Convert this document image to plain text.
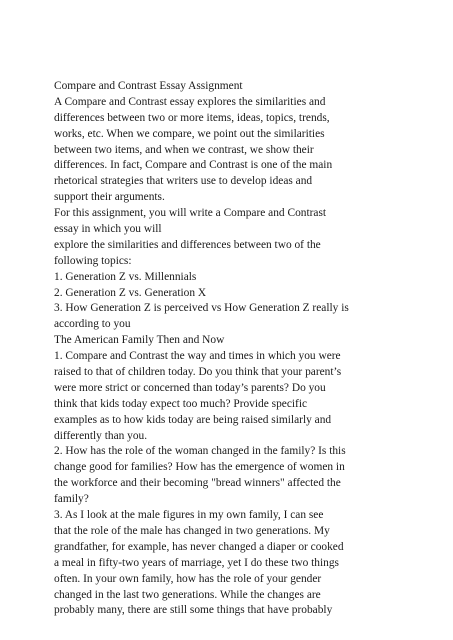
Compare and Contrast Essay Assignment
A Compare and Contrast essay explores the similarities and
differences between two or more items, ideas, topics, trends,
works, etc. When we compare, we point out the similarities
between two items, and when we contrast, we show their
differences. In fact, Compare and Contrast is one of the main
rhetorical strategies that writers use to develop ideas and
support their arguments.
For this assignment, you will write a Compare and Contrast
essay in which you will
explore the similarities and differences between two of the
following topics:
1. Generation Z vs. Millennials
2. Generation Z vs. Generation X
3. How Generation Z is perceived vs How Generation Z really is
according to you
The American Family Then and Now
1. Compare and Contrast the way and times in which you were
raised to that of children today. Do you think that your parent’s
were more strict or concerned than today’s parents? Do you
think that kids today expect too much? Provide specific
examples as to how kids today are being raised similarly and
differently than you.
2. How has the role of the woman changed in the family? Is this
change good for families? How has the emergence of women in
the workforce and their becoming "bread winners" affected the
family?
3. As I look at the male figures in my own family, I can see
that the role of the male has changed in two generations. My
grandfather, for example, has never changed a diaper or cooked
a meal in fifty-two years of marriage, yet I do these two things
often. In your own family, how has the role of your gender
changed in the last two generations. While the changes are
probably many, there are still some things that have probably
